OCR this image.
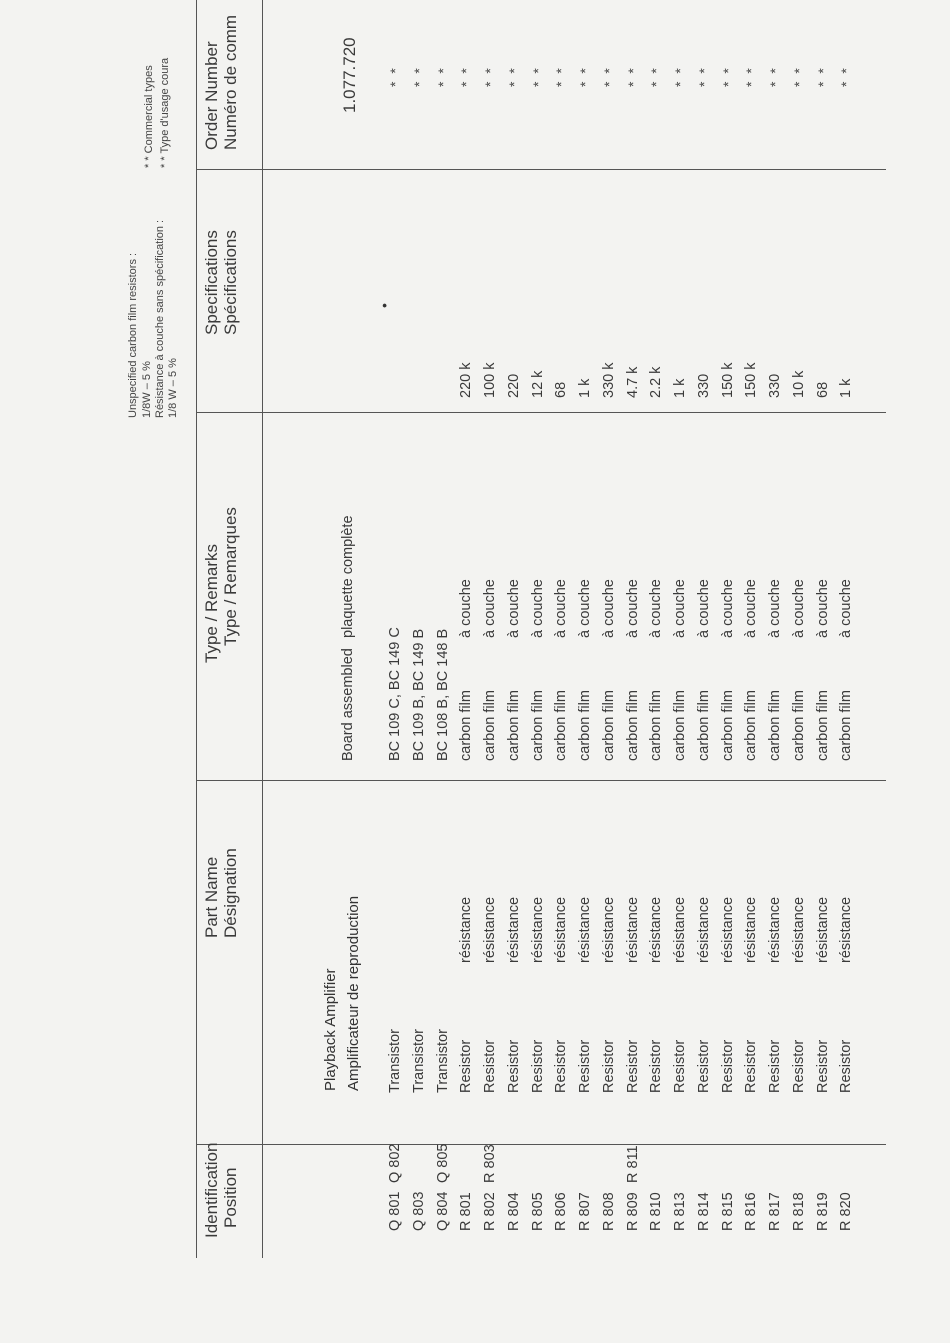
Unspecified carbon film resistors : 1/8W – 5 % Résistance à couche sans spécification : 1/8 W – 5 %
* * Commercial types * * Type d'usage coura
Identification Position
Part Name Désignation
Type / Remarks Type / Remarques
Specifications Spécifications
Order Number Numéro de comm
Playback Amplifier Amplificateur de reproduction
Board assembled
plaquette complète
1.077.720
•
Q 801
Q 802
Transistor
BC 109 C, BC 149 C
* *
Q 803
Transistor
BC 109 B, BC 149 B
* *
Q 804
Q 805
Transistor
BC 108 B, BC 148 B
* *
R 801
Resistor
résistance
carbon film
à couche
220 k
* *
R 802
R 803
Resistor
résistance
carbon film
à couche
100 k
* *
R 804
Resistor
résistance
carbon film
à couche
220
* *
R 805
Resistor
résistance
carbon film
à couche
12 k
* *
R 806
Resistor
résistance
carbon film
à couche
68
* *
R 807
Resistor
résistance
carbon film
à couche
1 k
* *
R 808
Resistor
résistance
carbon film
à couche
330 k
* *
R 809
R 811
Resistor
résistance
carbon film
à couche
4.7 k
* *
R 810
Resistor
résistance
carbon film
à couche
2.2 k
* *
R 813
Resistor
résistance
carbon film
à couche
1 k
* *
R 814
Resistor
résistance
carbon film
à couche
330
* *
R 815
Resistor
résistance
carbon film
à couche
150 k
* *
R 816
Resistor
résistance
carbon film
à couche
150 k
* *
R 817
Resistor
résistance
carbon film
à couche
330
* *
R 818
Resistor
résistance
carbon film
à couche
10 k
* *
R 819
Resistor
résistance
carbon film
à couche
68
* *
R 820
Resistor
résistance
carbon film
à couche
1 k
* *
